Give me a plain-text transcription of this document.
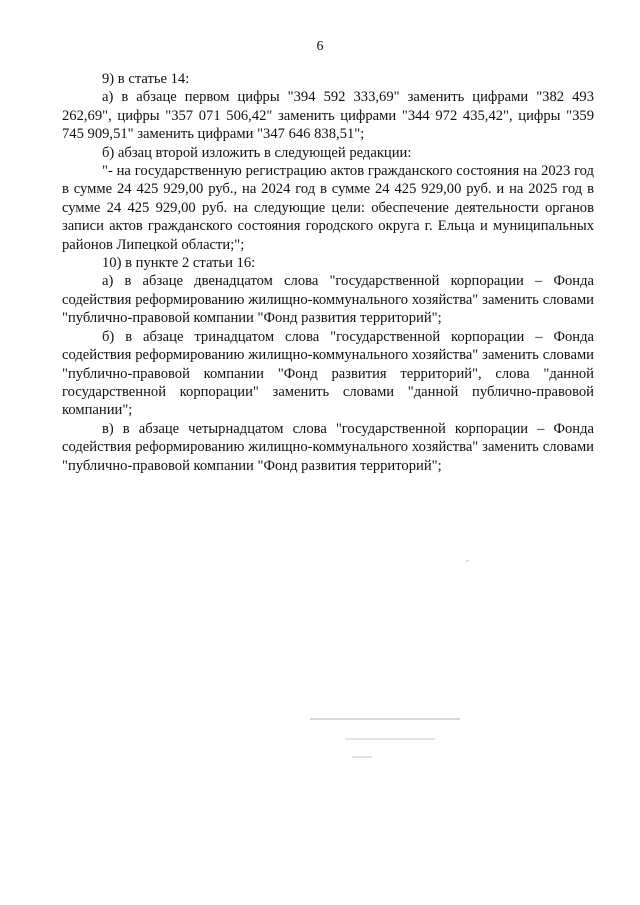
6

9) в статье 14:

а) в абзаце первом цифры "394 592 333,69" заменить цифрами "382 493 262,69", цифры "357 071 506,42" заменить цифрами "344 972 435,42", цифры "359 745 909,51" заменить цифрами "347 646 838,51";

б) абзац второй изложить в следующей редакции:

"- на государственную регистрацию актов гражданского состояния на 2023 год в сумме 24 425 929,00 руб., на 2024 год в сумме 24 425 929,00 руб. и на 2025 год в сумме 24 425 929,00 руб. на следующие цели: обеспечение деятельности органов записи актов гражданского состояния городского округа г. Ельца и муниципальных районов Липецкой области;";

10) в пункте 2 статьи 16:

а) в абзаце двенадцатом слова "государственной корпорации – Фонда содействия реформированию жилищно-коммунального хозяйства" заменить словами "публично-правовой компании "Фонд развития территорий";

б) в абзаце тринадцатом слова "государственной корпорации – Фонда содействия реформированию жилищно-коммунального хозяйства" заменить словами "публично-правовой компании "Фонд развития территорий", слова "данной государственной корпорации" заменить словами "данной публично-правовой компании";

в) в абзаце четырнадцатом слова "государственной корпорации – Фонда содействия реформированию жилищно-коммунального хозяйства" заменить словами "публично-правовой компании "Фонд развития территорий";
